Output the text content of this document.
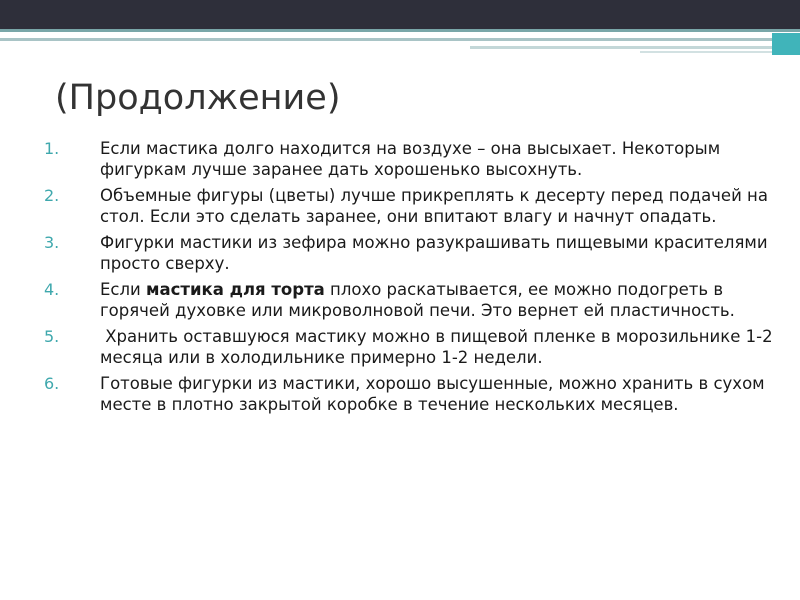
(Продолжение)
1.	Если мастика долго находится на воздухе – она высыхает. Некоторым фигуркам лучше заранее дать хорошенько высохнуть.
2.	Объемные фигуры (цветы) лучше прикреплять к десерту перед подачей на стол. Если это сделать заранее, они впитают влагу и начнут опадать.
3.	Фигурки мастики из зефира можно разукрашивать пищевыми красителями просто сверху.
4.	Если мастика для торта плохо раскатывается, ее можно подогреть в горячей духовке или микроволновой печи. Это вернет ей пластичность.
5.	Хранить оставшуюся мастику можно в пищевой пленке в морозильнике 1-2 месяца или в холодильнике примерно 1-2 недели.
6.	Готовые фигурки из мастики, хорошо высушенные, можно хранить в сухом месте в плотно закрытой коробке в течение нескольких месяцев.
